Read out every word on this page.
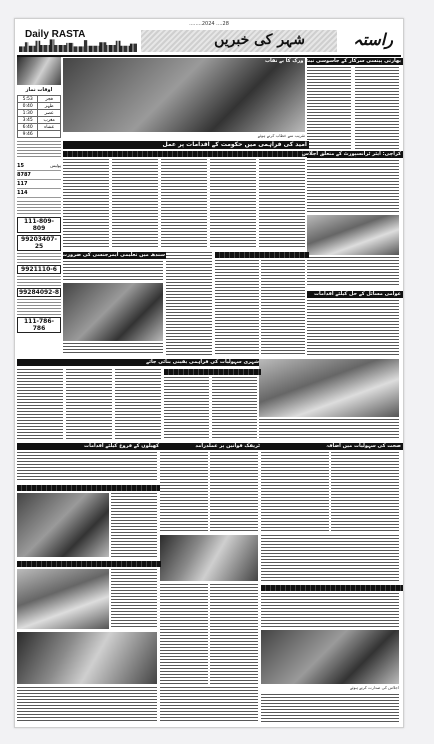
........2024 ....28
Daily RASTA	شہر کی خبریں	راستہ
اوقات نماز
5:53	فجر
0:40	ظہر
1:30	عصر
3:45	مغرب
6:40	عشاء
9:46	
15	پولیس
8787
117
114
111-809-809
99203407-25
9921110-6
99284092-8
111-786-786
تقریب سے خطاب کرتے ہوئے
بھارتی پینسی سرکار کے جاسوسی نیٹ ورک کا بے نقاب
امید کی فراہمی میں حکومت کے اقدامات پر عمل
کراچی: ایئر ٹرانسپورٹ کے متعلق اجلاس
سندھ میں تعلیمی ایمرجنسی کی ضرورت
عوامی مسائل کے حل کیلئے اقدامات
شہری سہولیات کی فراہمی یقینی بنائی جائے
کھیلوں کے فروغ کیلئے اقدامات	ٹریفک قوانین پر عملدرآمد	صحت کی سہولیات میں اضافہ
اجلاس کی صدارت کرتے ہوئے
